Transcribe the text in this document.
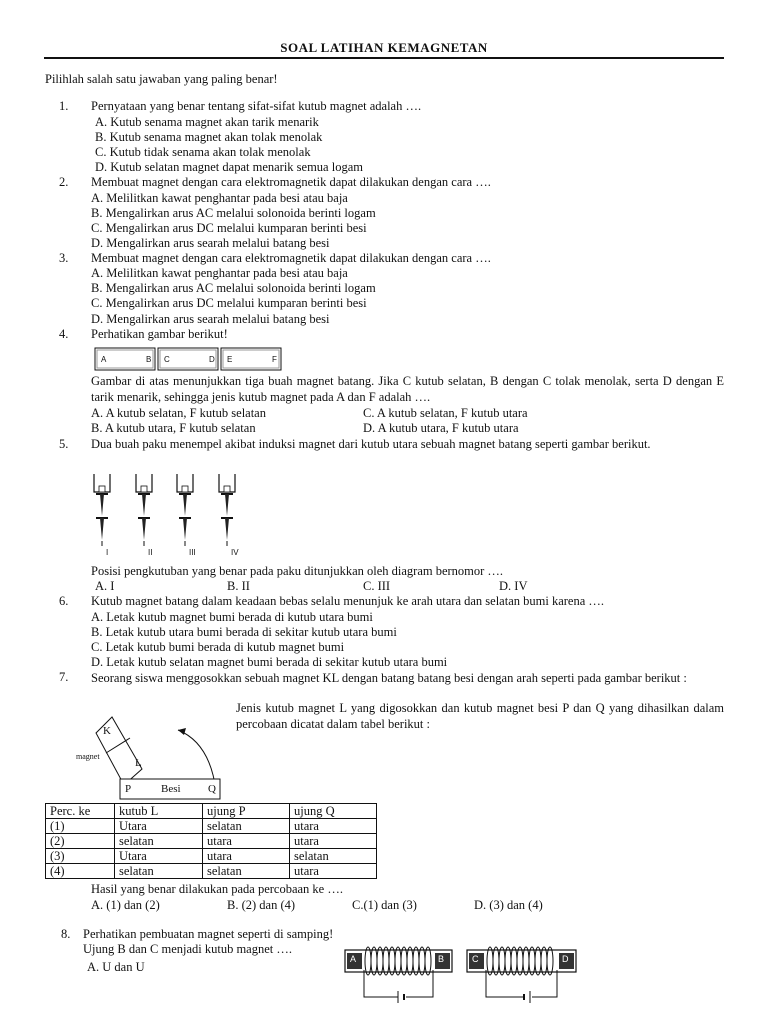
SOAL LATIHAN KEMAGNETAN
Pilihlah salah satu jawaban yang paling benar!
1. Pernyataan yang benar tentang sifat-sifat kutub magnet adalah ….
A. Kutub senama magnet akan tarik menarik
B. Kutub senama magnet akan tolak menolak
C. Kutub tidak senama akan tolak menolak
D. Kutub selatan magnet dapat menarik semua logam
2. Membuat magnet dengan cara elektromagnetik dapat dilakukan dengan cara ….
A. Melilitkan kawat penghantar pada besi atau baja
B. Mengalirkan arus AC melalui solonoida berinti logam
C. Mengalirkan arus DC melalui kumparan berinti besi
D. Mengalirkan arus searah melalui batang besi
3. Membuat magnet dengan cara elektromagnetik dapat dilakukan dengan cara ….
A. Melilitkan kawat penghantar pada besi atau baja
B. Mengalirkan arus AC melalui solonoida berinti logam
C. Mengalirkan arus DC melalui kumparan berinti besi
D. Mengalirkan arus searah melalui batang besi
4. Perhatikan gambar berikut!
A	B C	D E	F
Gambar di atas menunjukkan tiga buah magnet batang. Jika C kutub selatan, B dengan C tolak menolak, serta D dengan E tarik menarik, sehingga jenis kutub magnet pada A dan F adalah ….
A. A kutub selatan, F kutub selatan	C. A kutub selatan, F kutub utara
B. A kutub utara, F kutub selatan	D. A kutub utara, F kutub utara
5. Dua buah paku menempel akibat induksi magnet dari kutub utara sebuah magnet batang seperti gambar berikut.
I	II	III	IV
Posisi pengkutuban yang benar pada paku ditunjukkan oleh diagram bernomor ….
A. I	B. II	C. III	D. IV
6. Kutub magnet batang dalam keadaan bebas selalu menunjuk ke arah utara dan selatan bumi karena ….
A. Letak kutub magnet bumi berada di kutub utara bumi
B. Letak kutub utara bumi berada di sekitar kutub utara bumi
C. Letak kutub bumi berada di kutub magnet bumi
D. Letak kutub selatan magnet bumi berada di sekitar kutub utara bumi
7. Seorang siswa menggosokkan sebuah magnet KL dengan batang batang besi dengan arah seperti pada gambar berikut :
Jenis kutub magnet L yang digosokkan dan kutub magnet besi P dan Q yang dihasilkan dalam percobaan dicatat dalam tabel berikut :
K
L
magnet
P	Besi Q
Perc. ke	kutub L	ujung P	ujung Q
(1)	Utara	selatan	utara
(2)	selatan	utara	utara
(3)	Utara	utara	selatan
(4)	selatan	selatan	utara
Hasil yang benar dilakukan pada percobaan ke ….
A. (1) dan (2)	B. (2) dan (4)	C.(1) dan (3)	D. (3) dan (4)
8. Perhatikan pembuatan magnet seperti di samping!
Ujung B dan C menjadi kutub magnet ….
A. U dan U
A	B	C	D
